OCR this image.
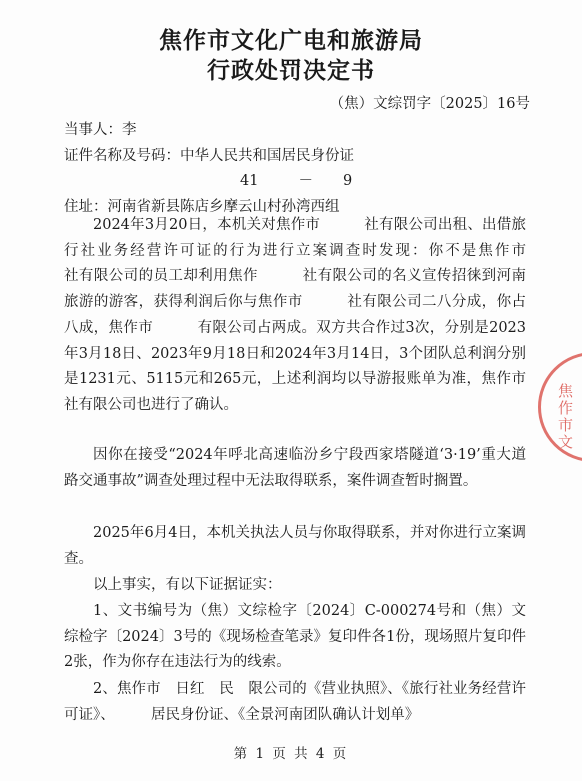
焦作市文化广电和旅游局
行政处罚决定书
（焦）文综罚字〔2025〕16号
当事人：李
证件名称及号码：中华人民共和国居民身份证
41	－ 9
住址：河南省新县陈店乡摩云山村孙湾西组
2024年3月20日，本机关对焦作市　　　社有限公司出租、出借旅行社业务经营许可证的行为进行立案调查时发现：你不是焦作市　　　社有限公司的员工却利用焦作　　　社有限公司的名义宣传招徕到河南旅游的游客，获得利润后你与焦作市　　　社有限公司二八分成，你占八成，焦作市　　　有限公司占两成。双方共合作过3次，分别是2023年3月18日、2023年9月18日和2024年3月14日，3个团队总利润分别是1231元、5115元和265元，上述利润均以导游报账单为准，焦作市　　　社有限公司也进行了确认。
因你在接受“2024年呼北高速临汾乡宁段西家塔隧道‘3·19’重大道路交通事故”调查处理过程中无法取得联系，案件调查暂时搁置。
2025年6月4日，本机关执法人员与你取得联系，并对你进行立案调查。
以上事实，有以下证据证实：
1、文书编号为（焦）文综检字〔2024〕C-000274号和（焦）文综检字〔2024〕3号的《现场检查笔录》复印件各1份，现场照片复印件2张，作为你存在违法行为的线索。
2、焦作市　日红　民　限公司的《营业执照》、《旅行社业务经营许可证》、　　　居民身份证、《全景河南团队确认计划单》
第 1 页 共 4 页
焦作市文
